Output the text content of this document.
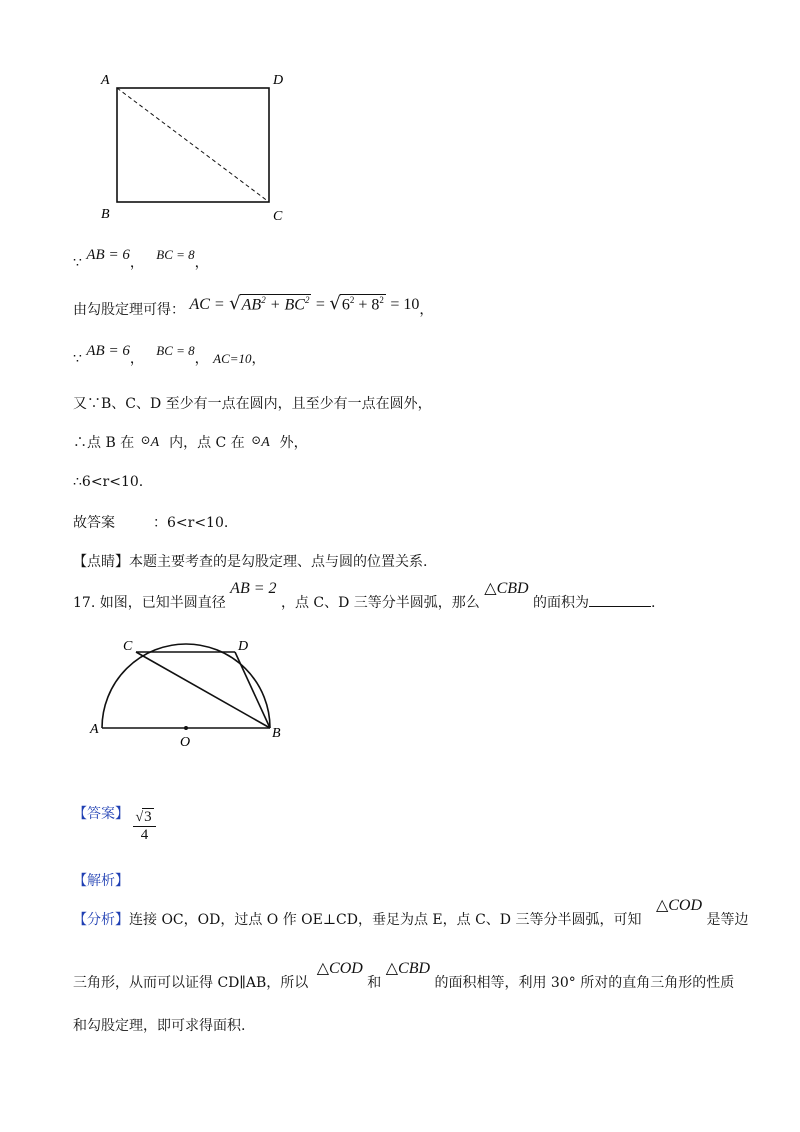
A	D
B	C
∵ AB = 6， BC = 8，
由勾股定理可得： AC = $√AB^2 + BC^2 = √6^2 + 8^2 = 10$，
∵ AB = 6， BC = 8， AC=10，
又∵B、C、D 至少有一点在圆内，且至少有一点在圆外，
∴点 B 在 ⊙ A 内，点 C 在 ⊙ A 外，
∴6<r<10.
故答案	：6<r<10.
【点睛】本题主要考查的是勾股定理、点与圆的位置关系.
17. 如图，已知半圆直径 AB = 2 ，点 C、D 三等分半圆弧，那么 △CBD 的面积为	.
A	B
C	D
O
【答案】 $\frac{√3}{4}$
【解析】
【分析】连接 OC，OD，过点 O 作 OE⊥CD，垂足为点 E，点 C、D 三等分半圆弧，可知 △COD 是等边
三角形，从而可以证得 CD∥AB，所以 △COD 和 △CBD 的面积相等，利用 30° 所对的直角三角形的性质
和勾股定理，即可求得面积.
